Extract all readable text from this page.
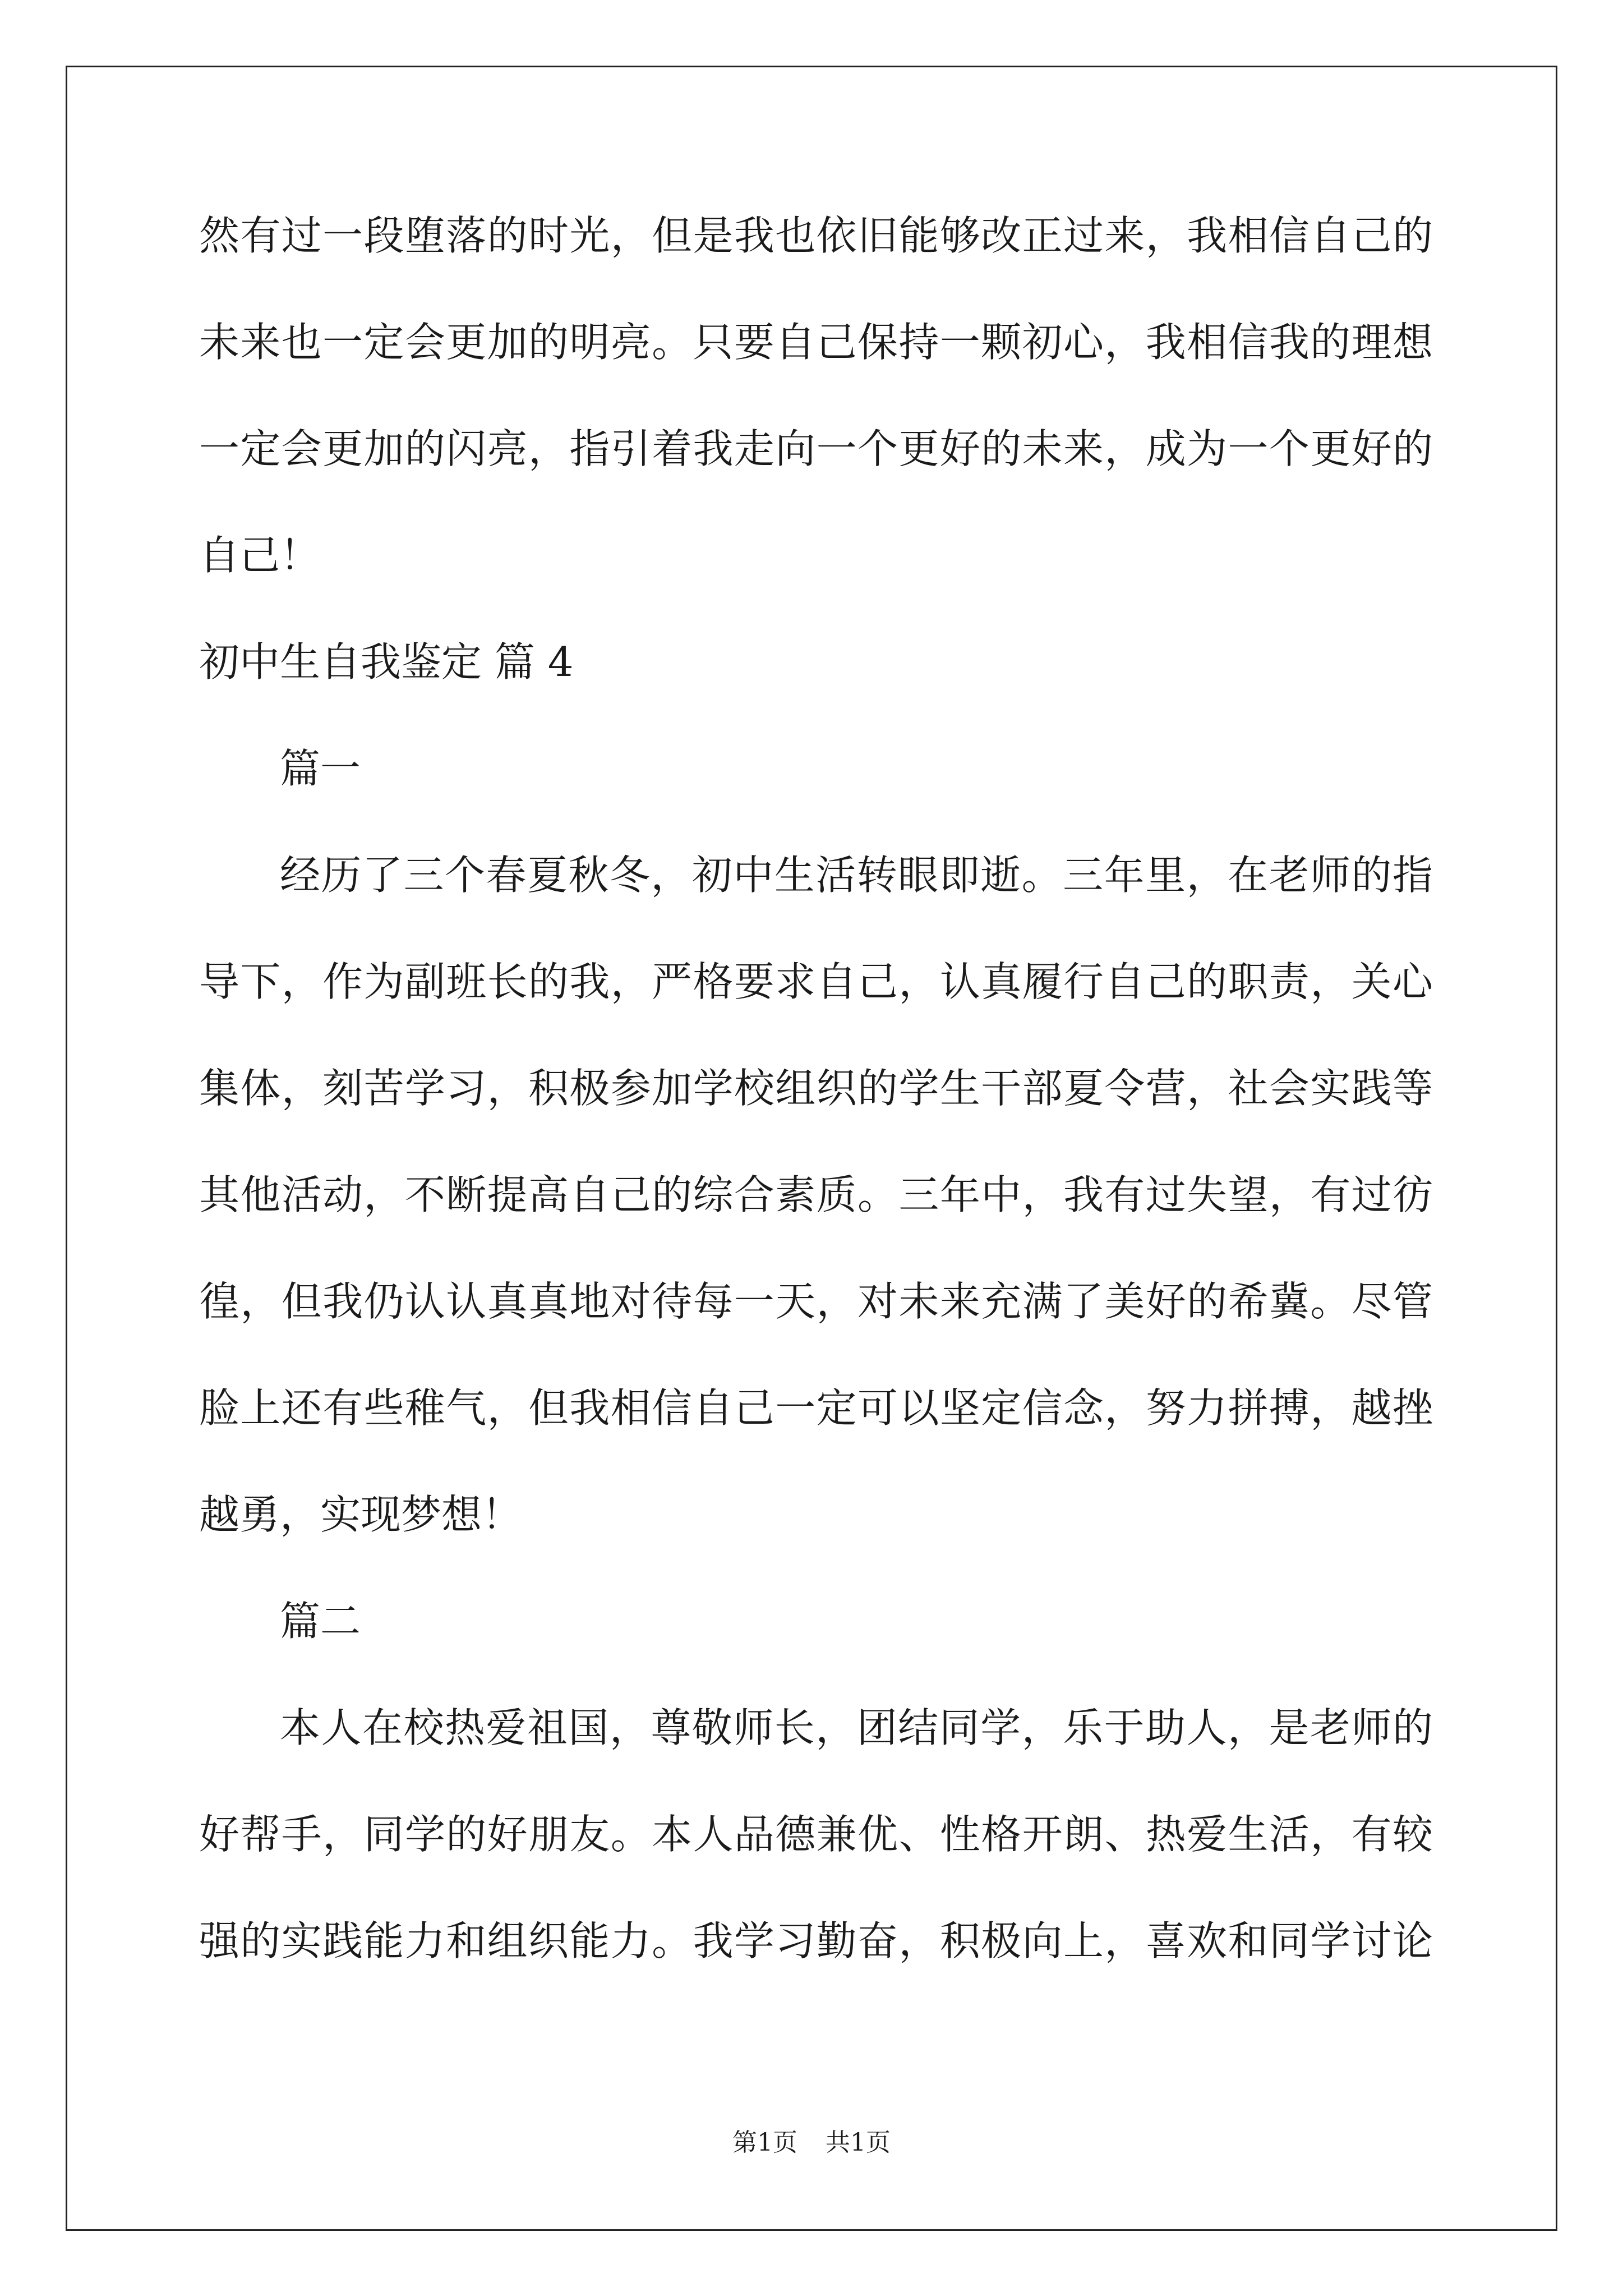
然有过一段堕落的时光，但是我也依旧能够改正过来，我相信自己的
未来也一定会更加的明亮。只要自己保持一颗初心，我相信我的理想
一定会更加的闪亮，指引着我走向一个更好的未来，成为一个更好的
自己！
初中生自我鉴定 篇 4
篇一
经历了三个春夏秋冬，初中生活转眼即逝。三年里，在老师的指
导下，作为副班长的我，严格要求自己，认真履行自己的职责，关心
集体，刻苦学习，积极参加学校组织的学生干部夏令营，社会实践等
其他活动，不断提高自己的综合素质。三年中，我有过失望，有过彷
徨，但我仍认认真真地对待每一天，对未来充满了美好的希冀。尽管
脸上还有些稚气，但我相信自己一定可以坚定信念，努力拼搏，越挫
越勇，实现梦想！
篇二
本人在校热爱祖国，尊敬师长，团结同学，乐于助人，是老师的
好帮手，同学的好朋友。本人品德兼优、性格开朗、热爱生活，有较
强的实践能力和组织能力。我学习勤奋，积极向上，喜欢和同学讨论
第1页 共1页
